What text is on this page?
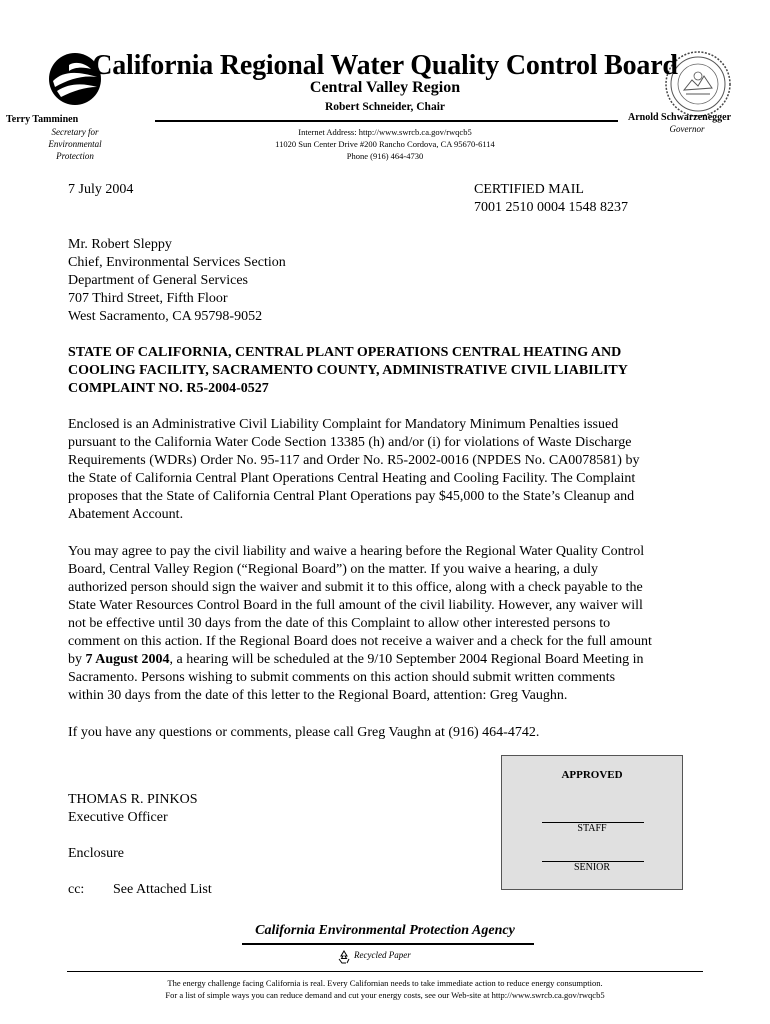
California Regional Water Quality Control Board
Central Valley Region
Robert Schneider, Chair
Internet Address: http://www.swrcb.ca.gov/rwqcb5
11020 Sun Center Drive #200 Rancho Cordova, CA 95670-6114
Phone (916) 464-4730
Terry Tamminen
Secretary for
Environmental
Protection
Arnold Schwarzenegger
Governor
7 July 2004	CERTIFIED MAIL
7001 2510 0004 1548 8237
Mr. Robert Sleppy
Chief, Environmental Services Section
Department of General Services
707 Third Street, Fifth Floor
West Sacramento, CA 95798-9052
STATE OF CALIFORNIA, CENTRAL PLANT OPERATIONS CENTRAL HEATING AND
COOLING FACILITY, SACRAMENTO COUNTY, ADMINISTRATIVE CIVIL LIABILITY
COMPLAINT NO. R5-2004-0527
Enclosed is an Administrative Civil Liability Complaint for Mandatory Minimum Penalties issued
pursuant to the California Water Code Section 13385 (h) and/or (i) for violations of Waste Discharge
Requirements (WDRs) Order No. 95-117 and Order No. R5-2002-0016 (NPDES No. CA0078581) by
the State of California Central Plant Operations Central Heating and Cooling Facility. The Complaint
proposes that the State of California Central Plant Operations pay $45,000 to the State’s Cleanup and
Abatement Account.
You may agree to pay the civil liability and waive a hearing before the Regional Water Quality Control
Board, Central Valley Region (“Regional Board”) on the matter. If you waive a hearing, a duly
authorized person should sign the waiver and submit it to this office, along with a check payable to the
State Water Resources Control Board in the full amount of the civil liability. However, any waiver will
not be effective until 30 days from the date of this Complaint to allow other interested persons to
comment on this action. If the Regional Board does not receive a waiver and a check for the full amount
by 7 August 2004, a hearing will be scheduled at the 9/10 September 2004 Regional Board Meeting in
Sacramento. Persons wishing to submit comments on this action should submit written comments
within 30 days from the date of this letter to the Regional Board, attention: Greg Vaughn.
If you have any questions or comments, please call Greg Vaughn at (916) 464-4742.
APPROVED
STAFF
SENIOR
THOMAS R. PINKOS
Executive Officer
Enclosure
cc: See Attached List
California Environmental Protection Agency
Recycled Paper
The energy challenge facing California is real. Every Californian needs to take immediate action to reduce energy consumption.
For a list of simple ways you can reduce demand and cut your energy costs, see our Web-site at http://www.swrcb.ca.gov/rwqcb5
